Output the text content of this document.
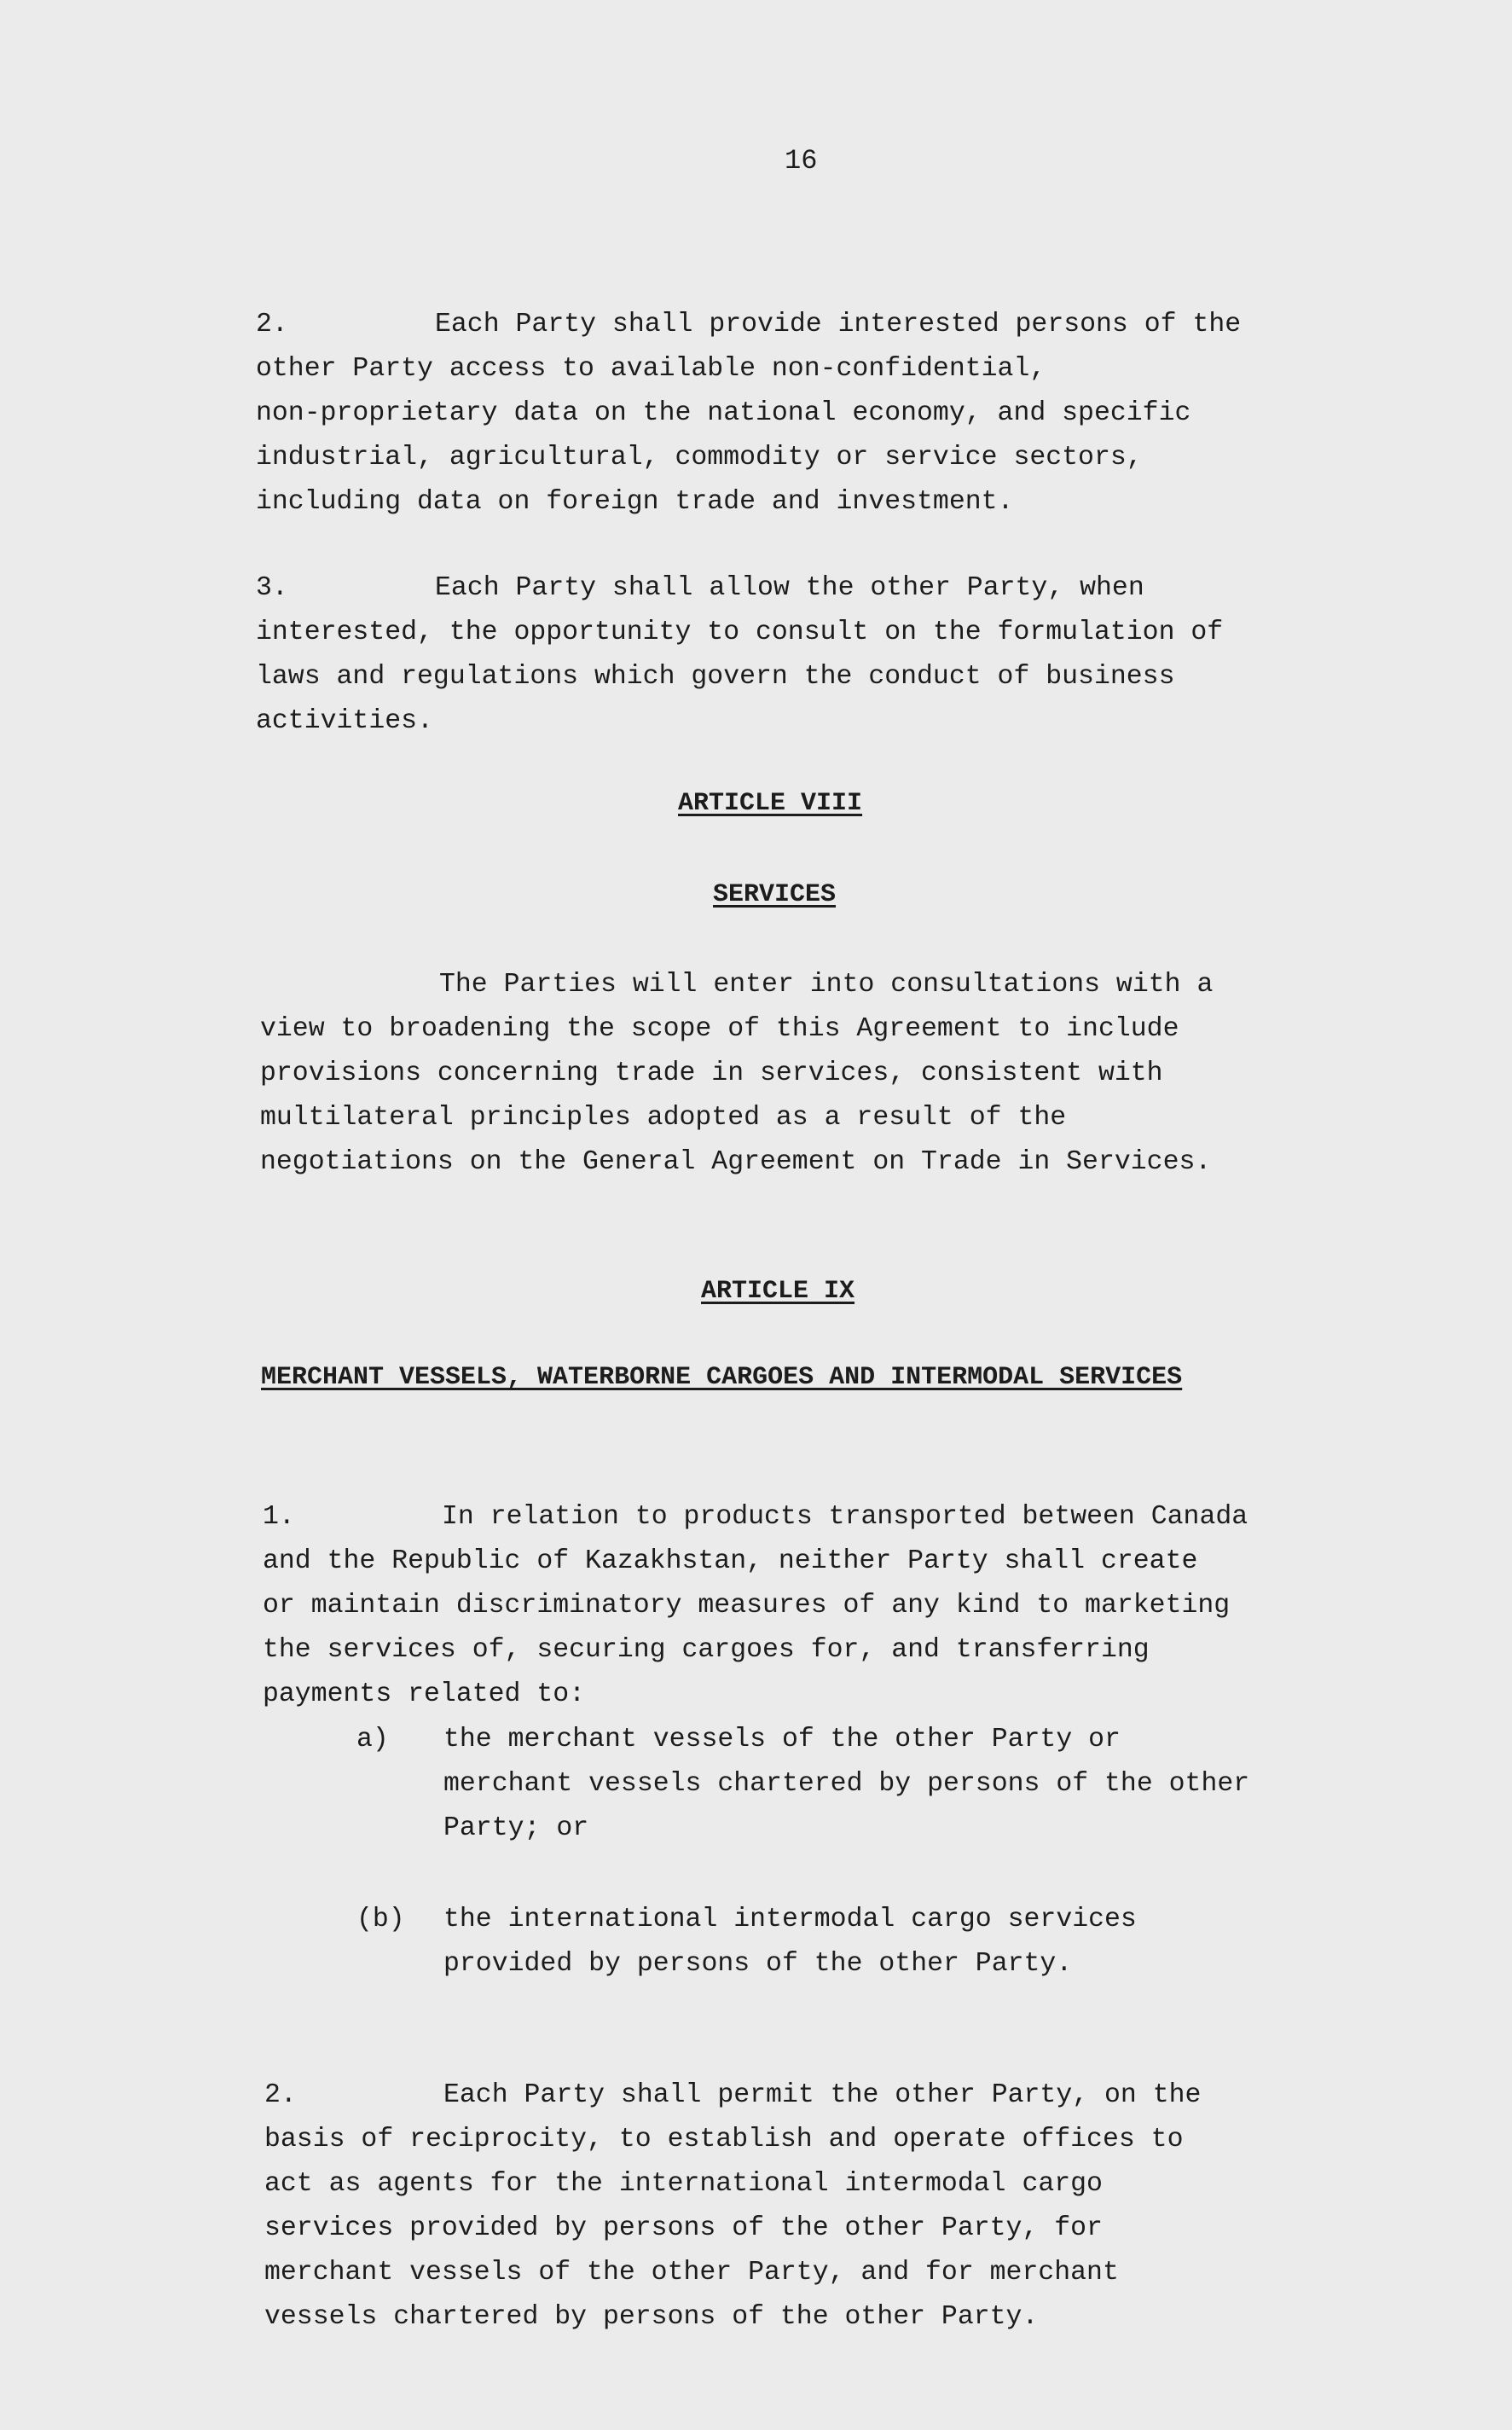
16

2.	Each Party shall provide interested persons of the
other Party access to available non-confidential,
non-proprietary data on the national economy, and specific
industrial, agricultural, commodity or service sectors,
including data on foreign trade and investment.

3.	Each Party shall allow the other Party, when
interested, the opportunity to consult on the formulation of
laws and regulations which govern the conduct of business
activities.

ARTICLE VIII
SERVICES
The Parties will enter into consultations with a
view to broadening the scope of this Agreement to include
provisions concerning trade in services, consistent with
multilateral principles adopted as a result of the
negotiations on the General Agreement on Trade in Services.
ARTICLE IX
MERCHANT VESSELS, WATERBORNE CARGOES AND INTERMODAL SERVICES

1.	In relation to products transported between Canada
and the Republic of Kazakhstan, neither Party shall create
or maintain discriminatory measures of any kind to marketing
the services of, securing cargoes for, and transferring
payments related to:

a) the merchant vessels of the other Party or
merchant vessels chartered by persons of the other
Party; or
(b) the international intermodal cargo services
provided by persons of the other Party.

2.	Each Party shall permit the other Party, on the
basis of reciprocity, to establish and operate offices to
act as agents for the international intermodal cargo
services provided by persons of the other Party, for
merchant vessels of the other Party, and for merchant
vessels chartered by persons of the other Party.
